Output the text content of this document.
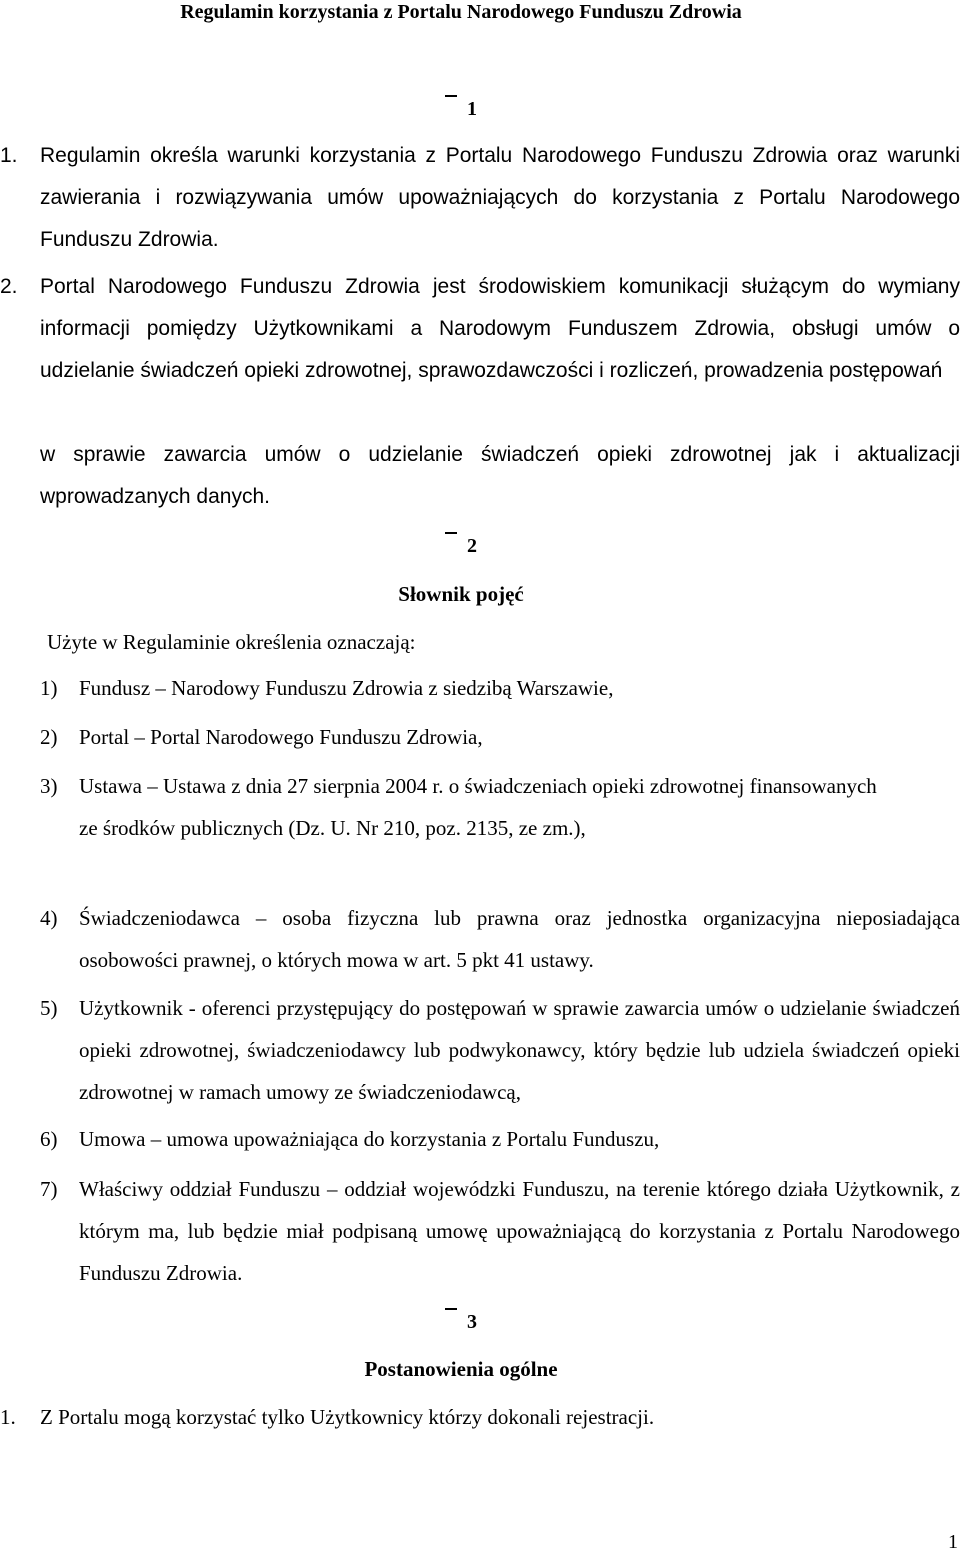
Regulamin korzystania z Portalu Narodowego Funduszu Zdrowia
1
1. Regulamin określa warunki korzystania z Portalu Narodowego Funduszu Zdrowia oraz warunki zawierania i rozwiązywania umów upoważniających do korzystania z Portalu Narodowego Funduszu Zdrowia.
2. Portal Narodowego Funduszu Zdrowia jest środowiskiem komunikacji służącym do wymiany informacji pomiędzy Użytkownikami a Narodowym Funduszem Zdrowia, obsługi umów o udzielanie świadczeń opieki zdrowotnej, sprawozdawczości i rozliczeń, prowadzenia postępowań
w sprawie zawarcia umów o udzielanie świadczeń opieki zdrowotnej jak i aktualizacji wprowadzanych danych.
2
Słownik pojęć
Użyte w Regulaminie określenia oznaczają:
1) Fundusz – Narodowy Funduszu Zdrowia z siedzibą Warszawie,
2) Portal – Portal Narodowego Funduszu Zdrowia,
3) Ustawa – Ustawa z dnia 27 sierpnia 2004 r. o świadczeniach opieki zdrowotnej finansowanych
ze środków publicznych (Dz. U. Nr 210, poz. 2135, ze zm.),
4) Świadczeniodawca – osoba fizyczna lub prawna oraz jednostka organizacyjna nieposiadająca osobowości prawnej, o których mowa w art. 5 pkt 41 ustawy.
5) Użytkownik - oferenci przystępujący do postępowań w sprawie zawarcia umów o udzielanie świadczeń opieki zdrowotnej, świadczeniodawcy lub podwykonawcy, który będzie lub udziela świadczeń opieki zdrowotnej w ramach umowy ze świadczeniodawcą,
6) Umowa – umowa upoważniająca do korzystania z Portalu Funduszu,
7) Właściwy oddział Funduszu – oddział wojewódzki Funduszu, na terenie którego działa Użytkownik, z którym ma, lub będzie miał podpisaną umowę upoważniającą do korzystania z Portalu Narodowego Funduszu Zdrowia.
3
Postanowienia ogólne
1. Z Portalu mogą korzystać tylko Użytkownicy którzy dokonali rejestracji.
1
